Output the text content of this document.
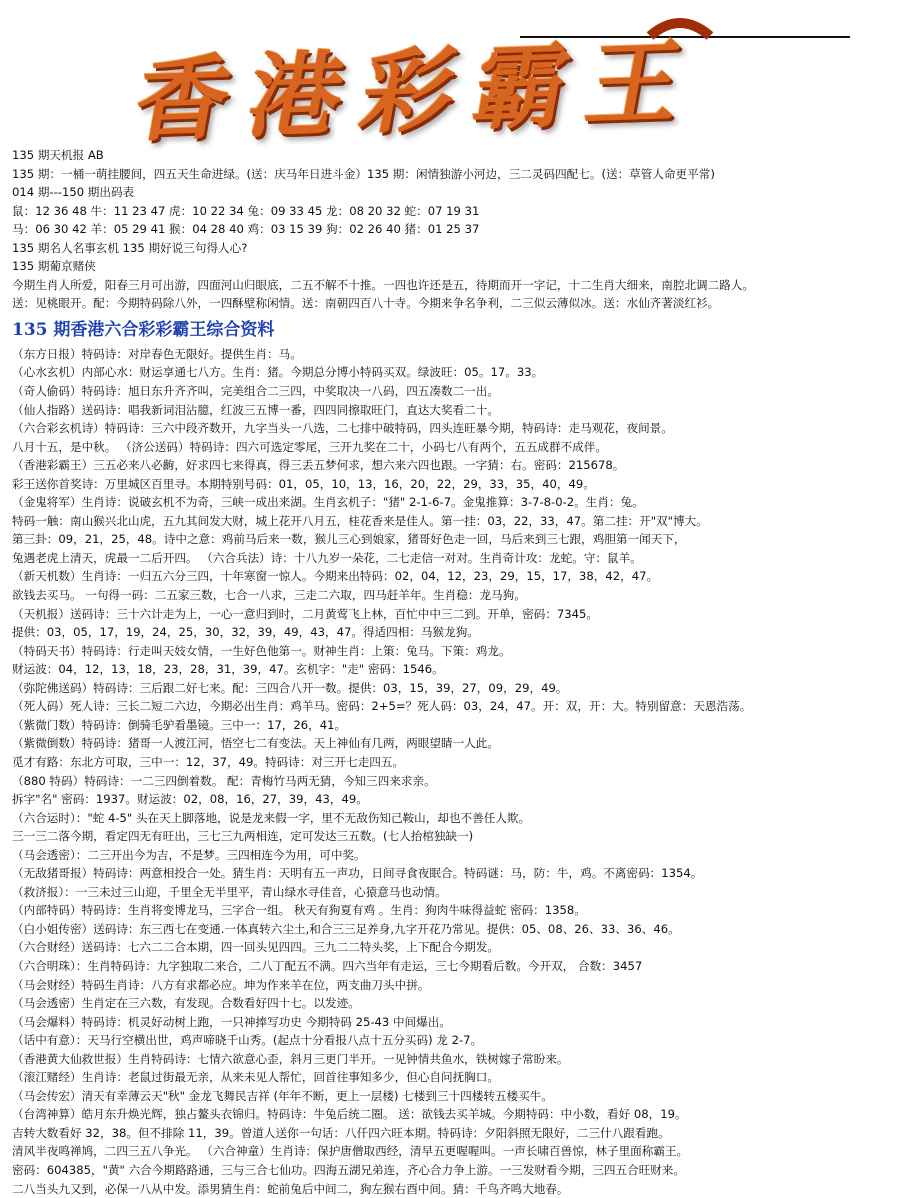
香港彩霸王
135 期天机报 AB
135 期：一桶一萌挂腰间，四五天生命进绿。(送：庆马年日进斗金）135 期：闲情独游小河边，三二灵码四配七。(送：草管人命更平常)
014 期---150 期出码表
鼠：12 36 48 牛：11 23 47 虎：10 22 34 兔：09 33 45 龙：08 20 32 蛇：07 19 31
马：06 30 42 羊：05 29 41 猴：04 28 40 鸡：03 15 39 狗：02 26 40 猪：01 25 37
135 期名人名事玄机 135 期好说三句得人心?
135 期葡京赌侠
今期生肖人所爱，阳春三月可出游，四面河山归眼底，二五不解不十推。一四也许还是五，待期而开一字记，十二生肖大细来，南腔北调二路人。
送：见桃眼开。配：今期特码除八外，一四酥壁称闲情。送：南朝四百八十寺。今期来争名争利，二三似云薄似冰。送：水仙齐著淡红衫。
135 期香港六合彩彩霸王综合资料
（东方日报）特码诗：对岸春色无限好。提供生肖：马。
（心水玄机）内部心水：财运享通七八方。生肖：猪。今期总分博小特码买双。绿波旺：05。17。33。
（奇人偷码）特码诗：旭日东升齐齐叫，完美组合二三四，中奖取决一八码，四五凑数二一出。
（仙人指路）送码诗：唱我新词泪沾臆，红波三五博一番，四四同擦取旺门，直达大奖看二十。
（六合彩玄机诗）特码诗：三六中段齐数开，九字当头一八选，二七排中破特码，四头连旺暴今期，特码诗：走马观花，夜间景。
八月十五，是中秋。 （济公送码）特码诗：四六可选定零尾，三开九奖在二十，小码七八有两个，五五成群不成伴。
（香港彩霸王）三五必来八必齣，好求四七来得真，得三丢五梦何求，想六来六四也跟。一字猜：右。密码：215678。
彩王送你首奖诗：万里城区百里寻。本期特别号码：01，05，10，13，16，20，22，29，33，35，40，49。
（金鬼将军）生肖诗：说破玄机不为奇，三峡一成出来湖。生肖玄机子："猪" 2-1-6-7。金鬼推算：3-7-8-0-2。生肖：兔。
特码一触：南山猴兴北山虎，五九其间发大财，城上花开八月五，桂花香来是佳人。第一挂：03，22，33，47。第二挂：开"双"博大。
第三卦：09，21，25，48。诗中之意：鸡前马后来一数，猴儿三心到娘家，猪哥好色走一回，马后来到三七跟，鸡胆第一闻天下，
兔遇老虎上清天，虎最一二后开四。 （六合兵法）诗：十八九岁一朵花，二七走信一对对。生肖奇计攻：龙蛇。守：鼠羊。
（新天机数）生肖诗：一归五六分三四，十年寒窗一惊人。今期来出特码：02，04，12，23，29，15，17，38，42，47。
欲钱去买马。 一句得一码：二五家三数，七合一八求，三走二六取，四马赶羊年。生肖稳：龙马狗。
（天机报）送码诗：三十六计走为上，一心一意归到时，二月黄莺飞上林，百忙中中三二到。开单，密码：7345。
提供：03，05，17，19，24，25，30，32，39，49，43，47。得适四相：马猴龙狗。
（特码天书）特码诗：行走叫天妓女情，一生好色他第一。财神生肖：上策：兔马。下策：鸡龙。
财运波：04，12，13，18，23，28，31，39，47。玄机字："走" 密码：1546。
（弥陀佛送码）特码诗：三后跟二好七来。配：三四合八开一数。提供：03，15，39，27，09，29，49。
（死人码）死人诗：三长二短二六边，今期必出生肖：鸡羊马。密码：2+5=？死人码：03，24，47。开：双，开：大。特别留意：天恩浩荡。
（紫微门数）特码诗：倒骑毛驴看墨镜。三中一：17，26，41。
（紫微倒数）特码诗：猪哥一人渡江河，悟空七二有变法。天上神仙有几两，两眼望睛一人此。
觅才有路：东北方可取，三中一：12，37，49。特码诗：对三开七走四五。
（880 特码）特码诗：一二三四倒着数。 配：青梅竹马两无猜，今知三四来求亲。
拆字"名" 密码：1937。财运波：02，08，16，27，39，43，49。
（六合运时）："蛇 4-5" 头在天上脚落地，说是龙来假一字，里不无敌伤知己鞍山，却也不善任人欺。
三一三二落今期，看定四无有旺出，三七三九两相连，定可发达三五数。(七人抬棺独缺一)
（马会透密）：二三开出今为吉，不是梦。三四相连今为用，可中奖。
（无敌猪哥报）特码诗：两意相投合一处。猜生肖：天明有五一声功，日间寻食夜眠合。特码谜：马，防：牛，鸡。不离密码：1354。
（救济报）：一三未过三山迎，千里全无半里平，青山绿水寻佳音，心猿意马也动情。
（内部特码）特码诗：生肖将变博龙马，三字合一组。 秋天有狗夏有鸡 。生肖：狗肉牛味得益蛇 密码：1358。
（白小姐传密）送码诗：东三西七在变通.一体真转六尘土,和合三三足养身,九字开花乃常见。提供：05、08、26、33、36、46。
（六合财经）送码诗：七六二二合本期，四一回头见四四。三九二二特头奖，上下配合今期发。
（六合明珠）：生肖特码诗：九字独取二来合，二八丁配五不满。四六当年有走运，三七今期看后数。今开双， 合数：3457
（马会财经）特码生肖诗：八方有求都必应。坤为作来羊在位，两支曲刀头中拼。
（马会透密）生肖定在三六数，有发现。合数看好四十七。以发迹。
（马会爆料）特码诗：机灵好动树上跑，一只神捧写功史 今期特码 25-43 中间爆出。
（话中有意）：天马行空横出世，鸡声啼晓千山秀。(起点十分看报八点十五分买码) 龙 2-7。
（香港黄大仙救世报）生肖特码诗：七情六欲意心歪，斜月三更门半开。一见钟情共鱼水，铁树嫁子常盼来。
（滚江赌经）生肖诗：老鼠过街最无亲，从来未见人帮忙，回首往事知多少，但心自问抚胸口。
（马会传宏）清天有幸薄云天"秋" 金龙飞舞民吉祥 (年年不断，更上一层楼) 七楼到三十四楼转五楼买牛。
（台湾神算）皓月东升焕光辉，独占鳌头衣锦归。特码诗：牛兔后统二圈。 送：欲钱去买羊城。今期特码：中小数，看好 08，19。
吉转大数看好 32，38。但不排除 11，39。曾道人送你一句话：八仟四六旺本期。特码诗：夕阳斜照无限好，二三什八跟看跑。
清风半夜鸣禅鸠，二四三五八争光。 （六合神童）生肖诗：保护唐僧取西经，清早五更喔喔叫。一声长啸百兽惊，林子里面称霸王。
密码：604385，"黄" 六合今期路路通，三与三合七仙功。四海五湖兄弟连，齐心合力争上游。一三发财看今期，三四五合旺财来。
二八当头九又到，必保一八从中发。添男猜生肖：蛇前兔后中间二，狗左猴右酉中间。猜：千鸟齐鸣大地春。
